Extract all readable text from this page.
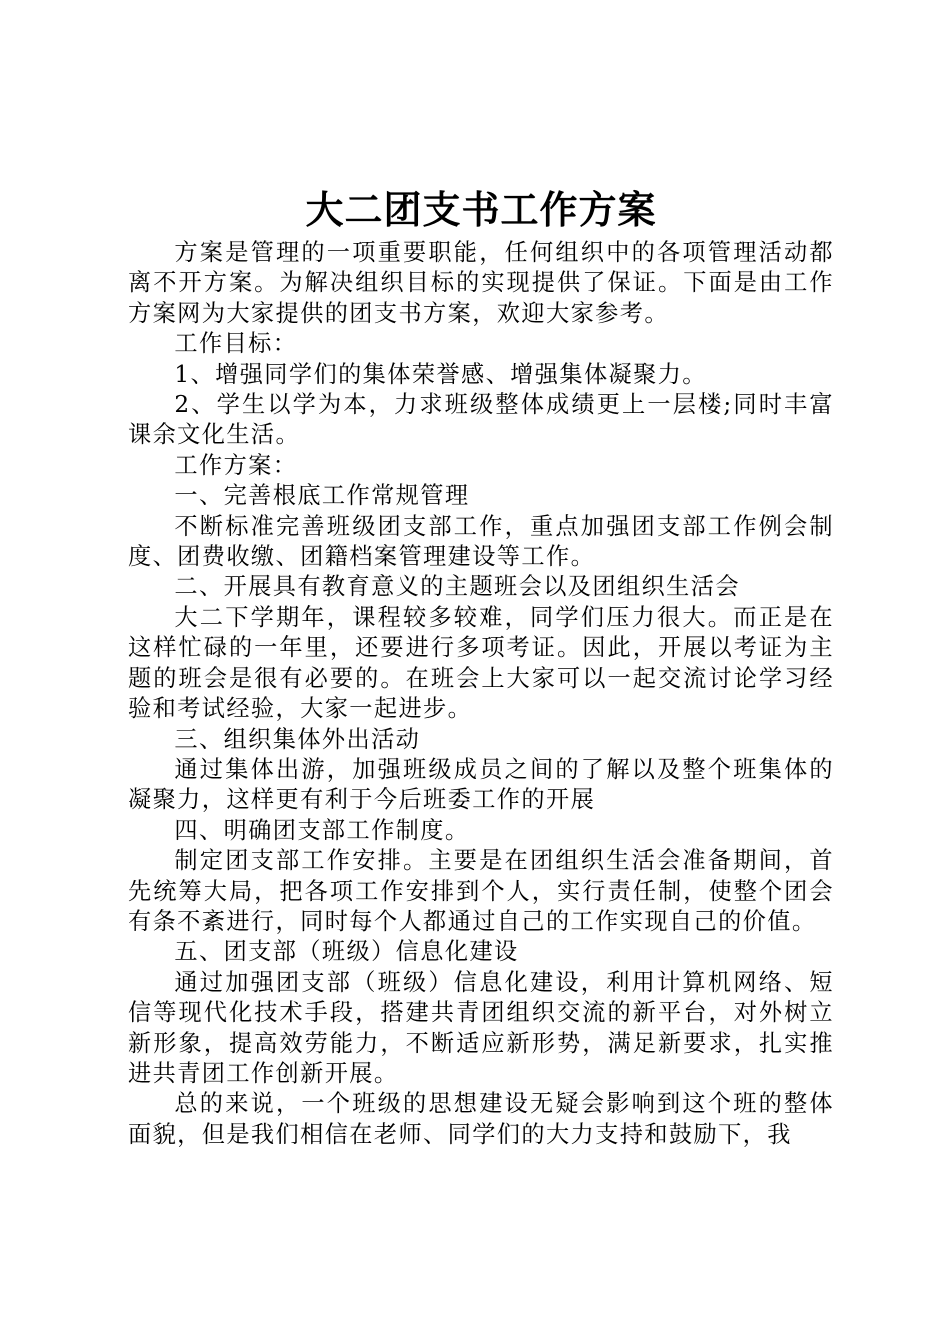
大二团支书工作方案

方案是管理的一项重要职能，任何组织中的各项管理活动都离不开方案。为解决组织目标的实现提供了保证。下面是由工作方案网为大家提供的团支书方案，欢迎大家参考。

工作目标：

1、增强同学们的集体荣誉感、增强集体凝聚力。

2、学生以学为本，力求班级整体成绩更上一层楼;同时丰富课余文化生活。

工作方案：

一、完善根底工作常规管理

不断标准完善班级团支部工作，重点加强团支部工作例会制度、团费收缴、团籍档案管理建设等工作。

二、开展具有教育意义的主题班会以及团组织生活会

大二下学期年，课程较多较难，同学们压力很大。而正是在这样忙碌的一年里，还要进行多项考证。因此，开展以考证为主题的班会是很有必要的。在班会上大家可以一起交流讨论学习经验和考试经验，大家一起进步。

三、组织集体外出活动

通过集体出游，加强班级成员之间的了解以及整个班集体的凝聚力，这样更有利于今后班委工作的开展

四、明确团支部工作制度。

制定团支部工作安排。主要是在团组织生活会准备期间，首先统筹大局，把各项工作安排到个人，实行责任制，使整个团会有条不紊进行，同时每个人都通过自己的工作实现自己的价值。

五、团支部（班级）信息化建设

通过加强团支部（班级）信息化建设，利用计算机网络、短信等现代化技术手段，搭建共青团组织交流的新平台，对外树立新形象，提高效劳能力，不断适应新形势，满足新要求，扎实推进共青团工作创新开展。

总的来说，一个班级的思想建设无疑会影响到这个班的整体面貌，但是我们相信在老师、同学们的大力支持和鼓励下，我
